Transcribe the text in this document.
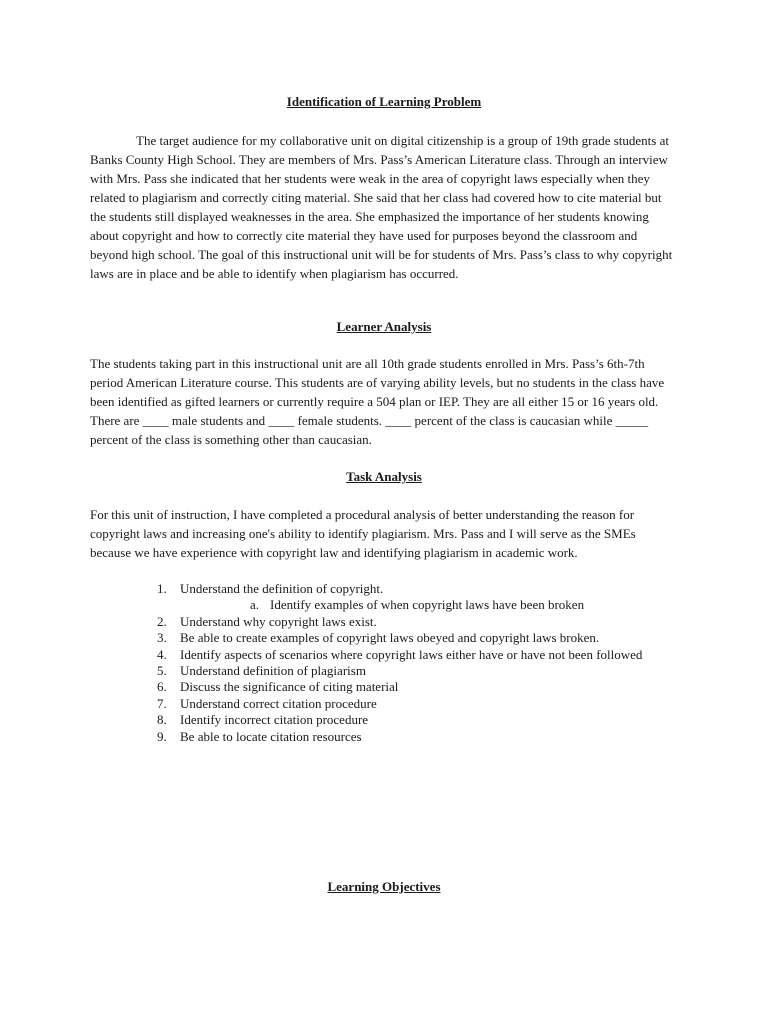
Identification of Learning Problem

The target audience for my collaborative unit on digital citizenship is a group of 19th grade students at Banks County High School. They are members of Mrs. Pass’s American Literature class. Through an interview with Mrs. Pass she indicated that her students were weak in the area of copyright laws especially when they related to plagiarism and correctly citing material. She said that her class had covered how to cite material but the students still displayed weaknesses in the area. She emphasized the importance of her students knowing about copyright and how to correctly cite material they have used for purposes beyond the classroom and beyond high school. The goal of this instructional unit will be for students of Mrs. Pass’s class to why copyright laws are in place and be able to identify when plagiarism has occurred.

Learner Analysis

The students taking part in this instructional unit are all 10th grade students enrolled in Mrs. Pass’s 6th-7th period American Literature course. This students are of varying ability levels, but no students in the class have been identified as gifted learners or currently require a 504 plan or IEP. They are all either 15 or 16 years old. There are ____ male students and ____ female students. ____ percent of the class is caucasian while _____ percent of the class is something other than caucasian.

Task Analysis

For this unit of instruction, I have completed a procedural analysis of better understanding the reason for copyright laws and increasing one's ability to identify plagiarism. Mrs. Pass and I will serve as the SMEs because we have experience with copyright law and identifying plagiarism in academic work.

1. Understand the definition of copyright.
a. Identify examples of when copyright laws have been broken
2. Understand why copyright laws exist.
3. Be able to create examples of copyright laws obeyed and copyright laws broken.
4. Identify aspects of scenarios where copyright laws either have or have not been followed
5. Understand definition of plagiarism
6. Discuss the significance of citing material
7. Understand correct citation procedure
8. Identify incorrect citation procedure
9. Be able to locate citation resources
Learning Objectives
